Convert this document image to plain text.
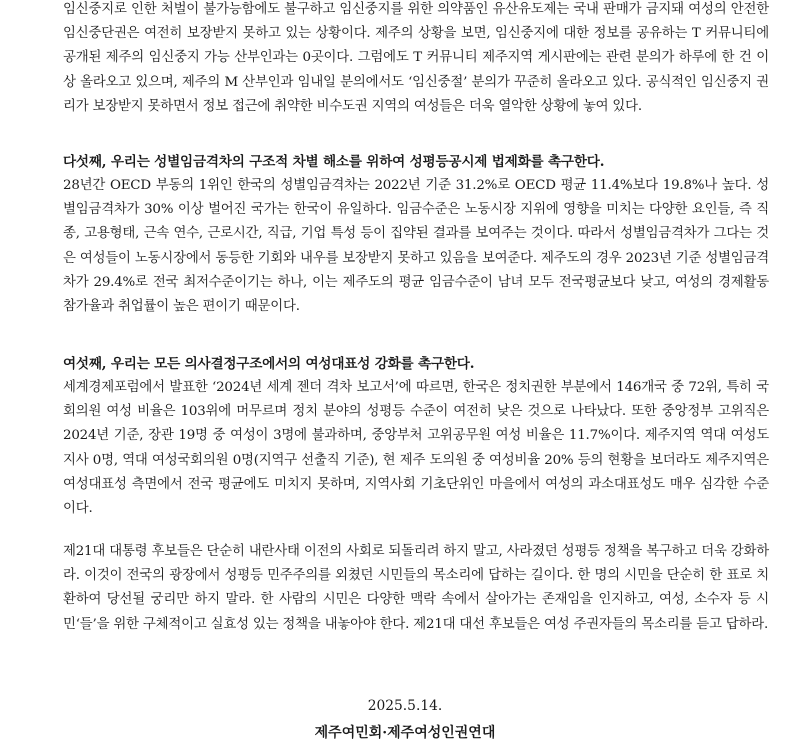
임신중지로 인한 처벌이 불가능함에도 불구하고 임신중지를 위한 의약품인 유산유도제는 국내 판매가 금지돼 여성의 안전한 임신중단권은 여전히 보장받지 못하고 있는 상황이다. 제주의 상황을 보면, 임신중지에 대한 정보를 공유하는 T 커뮤니티에 공개된 제주의 임신중지 가능 산부인과는 0곳이다. 그럼에도 T 커뮤니티 제주지역 게시판에는 관련 분의가 하루에 한 건 이상 올라오고 있으며, 제주의 M 산부인과 임내일 분의에서도 ‘임신중절’ 분의가 꾸준히 올라오고 있다. 공식적인 임신중지 권리가 보장받지 못하면서 정보 접근에 취약한 비수도권 지역의 여성들은 더욱 열악한 상황에 놓여 있다.

다섯째, 우리는 성별임금격차의 구조적 차별 해소를 위하여 성평등공시제 법제화를 촉구한다.

28년간 OECD 부동의 1위인 한국의 성별임금격차는 2022년 기준 31.2%로 OECD 평균 11.4%보다 19.8%나 높다. 성별임금격차가 30% 이상 벌어진 국가는 한국이 유일하다. 임금수준은 노동시장 지위에 영향을 미치는 다양한 요인들, 즉 직종, 고용형태, 근속 연수, 근로시간, 직급, 기업 특성 등이 집약된 결과를 보여주는 것이다. 따라서 성별임금격차가 그다는 것은 여성들이 노동시장에서 동등한 기회와 내우를 보장받지 못하고 있음을 보여준다. 제주도의 경우 2023년 기준 성별임금격차가 29.4%로 전국 최저수준이기는 하나, 이는 제주도의 평균 임금수준이 남녀 모두 전국평균보다 낮고, 여성의 경제활동 참가율과 취업률이 높은 편이기 때문이다.

여섯째, 우리는 모든 의사결정구조에서의 여성대표성 강화를 촉구한다.

세계경제포럼에서 발표한 ‘2024년 세계 젠더 격차 보고서’에 따르면, 한국은 정치권한 부분에서 146개국 중 72위, 특히 국회의원 여성 비율은 103위에 머무르며 정치 분야의 성평등 수준이 여전히 낮은 것으로 나타났다. 또한 중앙정부 고위직은 2024년 기준, 장관 19명 중 여성이 3명에 불과하며, 중앙부처 고위공무원 여성 비율은 11.7%이다. 제주지역 역대 여성도지사 0명, 역대 여성국회의원 0명(지역구 선출직 기준), 현 제주 도의원 중 여성비율 20% 등의 현황을 보더라도 제주지역은 여성대표성 측면에서 전국 평균에도 미치지 못하며, 지역사회 기초단위인 마을에서 여성의 과소대표성도 매우 심각한 수준이다.

제21대 대통령 후보들은 단순히 내란사태 이전의 사회로 되돌리려 하지 말고, 사라졌던 성평등 정책을 복구하고 더욱 강화하라. 이것이 전국의 광장에서 성평등 민주주의를 외쳤던 시민들의 목소리에 답하는 길이다. 한 명의 시민을 단순히 한 표로 치환하여 당선될 궁리만 하지 말라. 한 사람의 시민은 다양한 맥락 속에서 살아가는 존재임을 인지하고, 여성, 소수자 등 시민‘들’을 위한 구체적이고 실효성 있는 정책을 내놓아야 한다. 제21대 대선 후보들은 여성 주권자들의 목소리를 듣고 답하라.

2025.5.14.

제주여민회·제주여성인권연대
